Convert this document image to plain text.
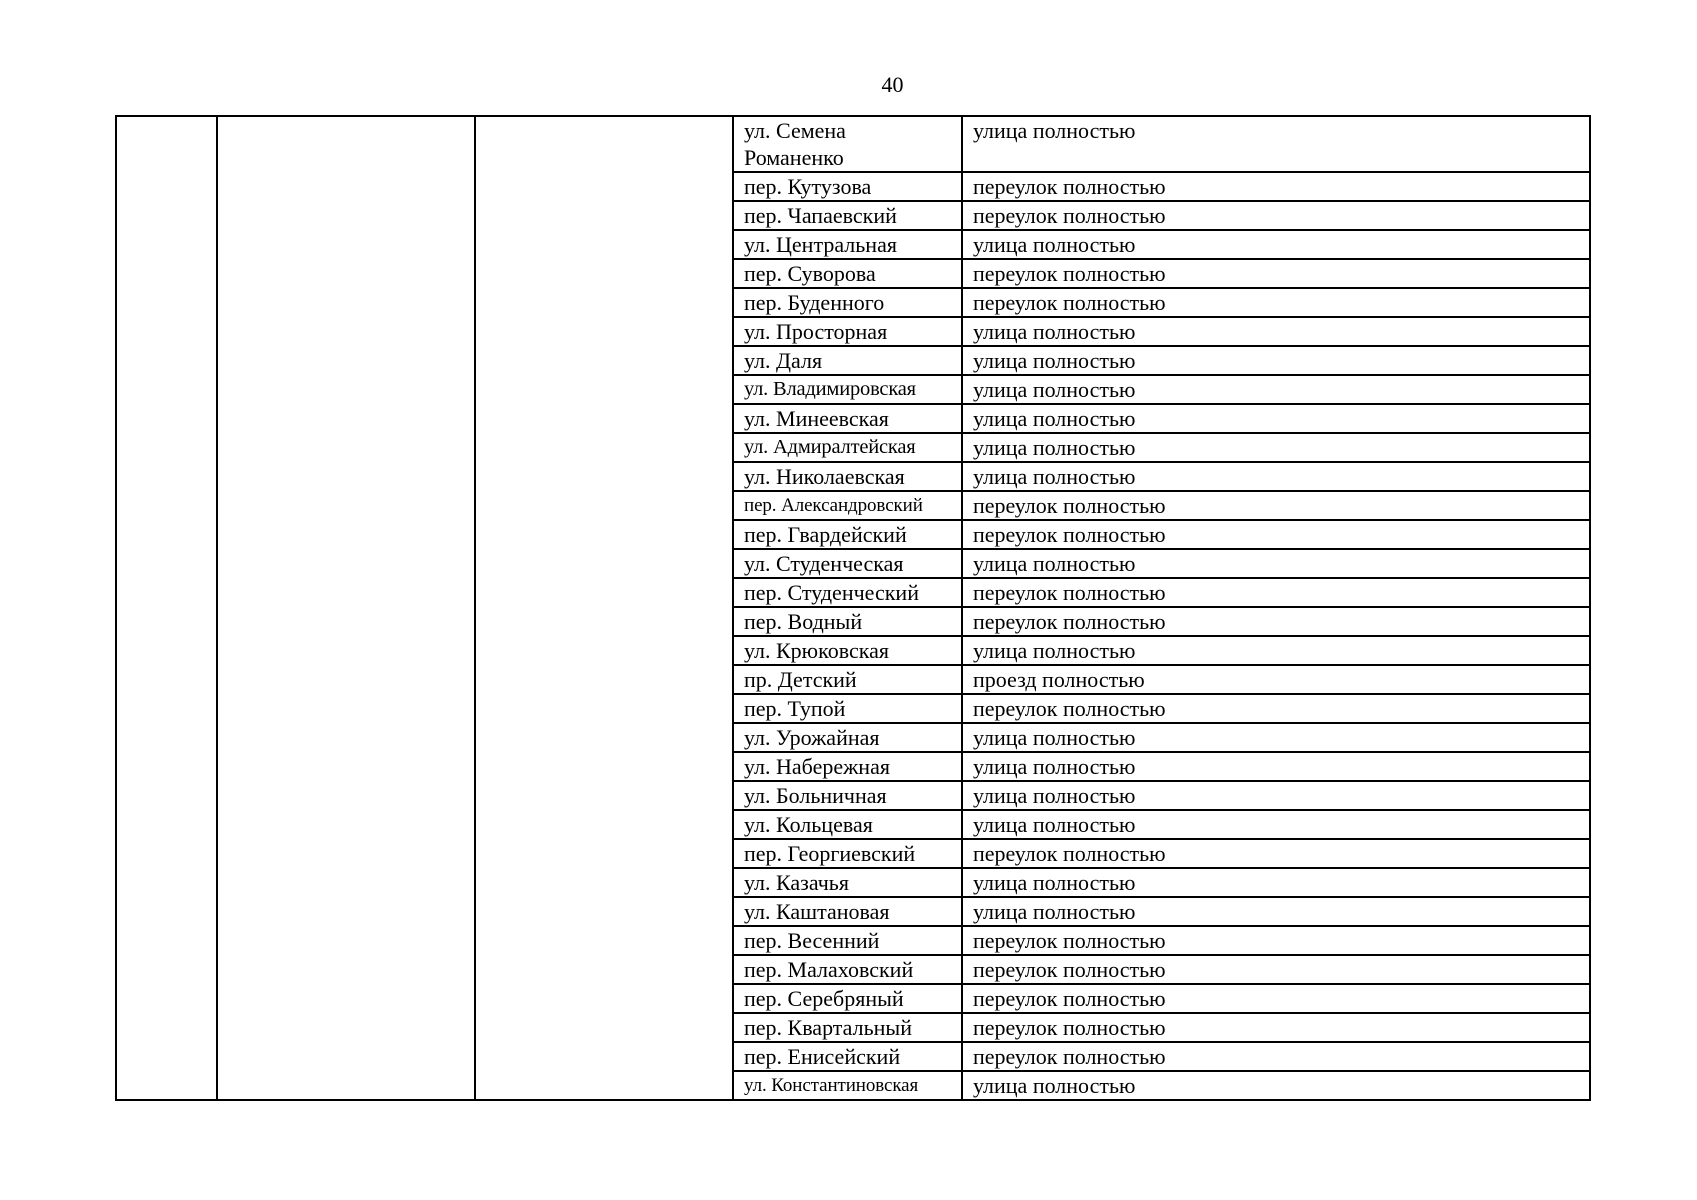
40
			ул. Семена Романенко	улица полностью
			пер. Кутузова	переулок полностью
			пер. Чапаевский	переулок полностью
			ул. Центральная	улица полностью
			пер. Суворова	переулок полностью
			пер. Буденного	переулок полностью
			ул. Просторная	улица полностью
			ул. Даля	улица полностью
			ул. Владимировская	улица полностью
			ул. Минеевская	улица полностью
			ул. Адмиралтейская	улица полностью
			ул. Николаевская	улица полностью
			пер. Александровский	переулок полностью
			пер. Гвардейский	переулок полностью
			ул. Студенческая	улица полностью
			пер. Студенческий	переулок полностью
			пер. Водный	переулок полностью
			ул. Крюковская	улица полностью
			пр. Детский	проезд полностью
			пер. Тупой	переулок полностью
			ул. Урожайная	улица полностью
			ул. Набережная	улица полностью
			ул. Больничная	улица полностью
			ул. Кольцевая	улица полностью
			пер. Георгиевский	переулок полностью
			ул. Казачья	улица полностью
			ул. Каштановая	улица полностью
			пер. Весенний	переулок полностью
			пер. Малаховский	переулок полностью
			пер. Серебряный	переулок полностью
			пер. Квартальный	переулок полностью
			пер. Енисейский	переулок полностью
			ул. Константиновская	улица полностью
